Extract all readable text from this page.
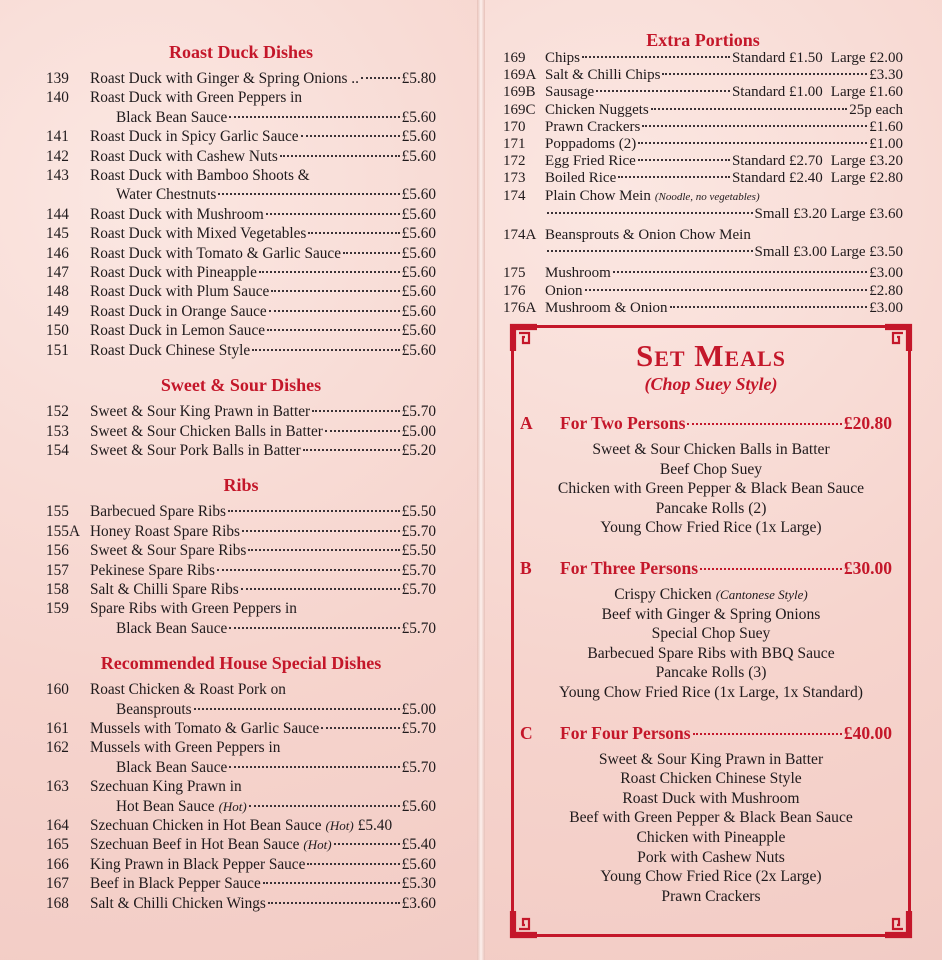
Roast Duck Dishes
139	Roast Duck with Ginger & Spring Onions ..	£5.80
140	Roast Duck with Green Peppers in
Black Bean Sauce	£5.60
141	Roast Duck in Spicy Garlic Sauce	£5.60
142	Roast Duck with Cashew Nuts	£5.60
143	Roast Duck with Bamboo Shoots &
Water Chestnuts	£5.60
144	Roast Duck with Mushroom	£5.60
145	Roast Duck with Mixed Vegetables	£5.60
146	Roast Duck with Tomato & Garlic Sauce	£5.60
147	Roast Duck with Pineapple	£5.60
148	Roast Duck with Plum Sauce	£5.60
149	Roast Duck in Orange Sauce	£5.60
150	Roast Duck in Lemon Sauce	£5.60
151	Roast Duck Chinese Style	£5.60
Sweet & Sour Dishes
152	Sweet & Sour King Prawn in Batter	£5.70
153	Sweet & Sour Chicken Balls in Batter	£5.00
154	Sweet & Sour Pork Balls in Batter	£5.20
Ribs
155	Barbecued Spare Ribs	£5.50
155A Honey Roast Spare Ribs	£5.70
156	Sweet & Sour Spare Ribs	£5.50
157	Pekinese Spare Ribs	£5.70
158	Salt & Chilli Spare Ribs	£5.70
159	Spare Ribs with Green Peppers in
Black Bean Sauce	£5.70
Recommended House Special Dishes
160	Roast Chicken & Roast Pork on
Beansprouts	£5.00
161	Mussels with Tomato & Garlic Sauce	£5.70
162	Mussels with Green Peppers in
Black Bean Sauce	£5.70
163	Szechuan King Prawn in
Hot Bean Sauce (Hot)	£5.60
164	Szechuan Chicken in Hot Bean Sauce (Hot) £5.40
165	Szechuan Beef in Hot Bean Sauce (Hot)	£5.40
166	King Prawn in Black Pepper Sauce	£5.60
167	Beef in Black Pepper Sauce	£5.30
168	Salt & Chilli Chicken Wings	£3.60
Extra Portions
169	Chips	Standard £1.50 Large £2.00
169A Salt & Chilli Chips	£3.30
169B Sausage	Standard £1.00 Large £1.60
169C Chicken Nuggets	25p each
170	Prawn Crackers	£1.60
171	Poppadoms (2)	£1.00
172	Egg Fried Rice	Standard £2.70 Large £3.20
173	Boiled Rice	Standard £2.40 Large £2.80
174	Plain Chow Mein (Noodle, no vegetables)
Small £3.20 Large £3.60
174A Beansprouts & Onion Chow Mein
Small £3.00 Large £3.50
175	Mushroom	£3.00
176	Onion	£2.80
176A Mushroom & Onion	£3.00
Set Meals
(Chop Suey Style)
A	For Two Persons	£20.80
Sweet & Sour Chicken Balls in Batter
Beef Chop Suey
Chicken with Green Pepper & Black Bean Sauce
Pancake Rolls (2)
Young Chow Fried Rice (1x Large)
B	For Three Persons	£30.00
Crispy Chicken (Cantonese Style)
Beef with Ginger & Spring Onions
Special Chop Suey
Barbecued Spare Ribs with BBQ Sauce
Pancake Rolls (3)
Young Chow Fried Rice (1x Large, 1x Standard)
C	For Four Persons	£40.00
Sweet & Sour King Prawn in Batter
Roast Chicken Chinese Style
Roast Duck with Mushroom
Beef with Green Pepper & Black Bean Sauce
Chicken with Pineapple
Pork with Cashew Nuts
Young Chow Fried Rice (2x Large)
Prawn Crackers
